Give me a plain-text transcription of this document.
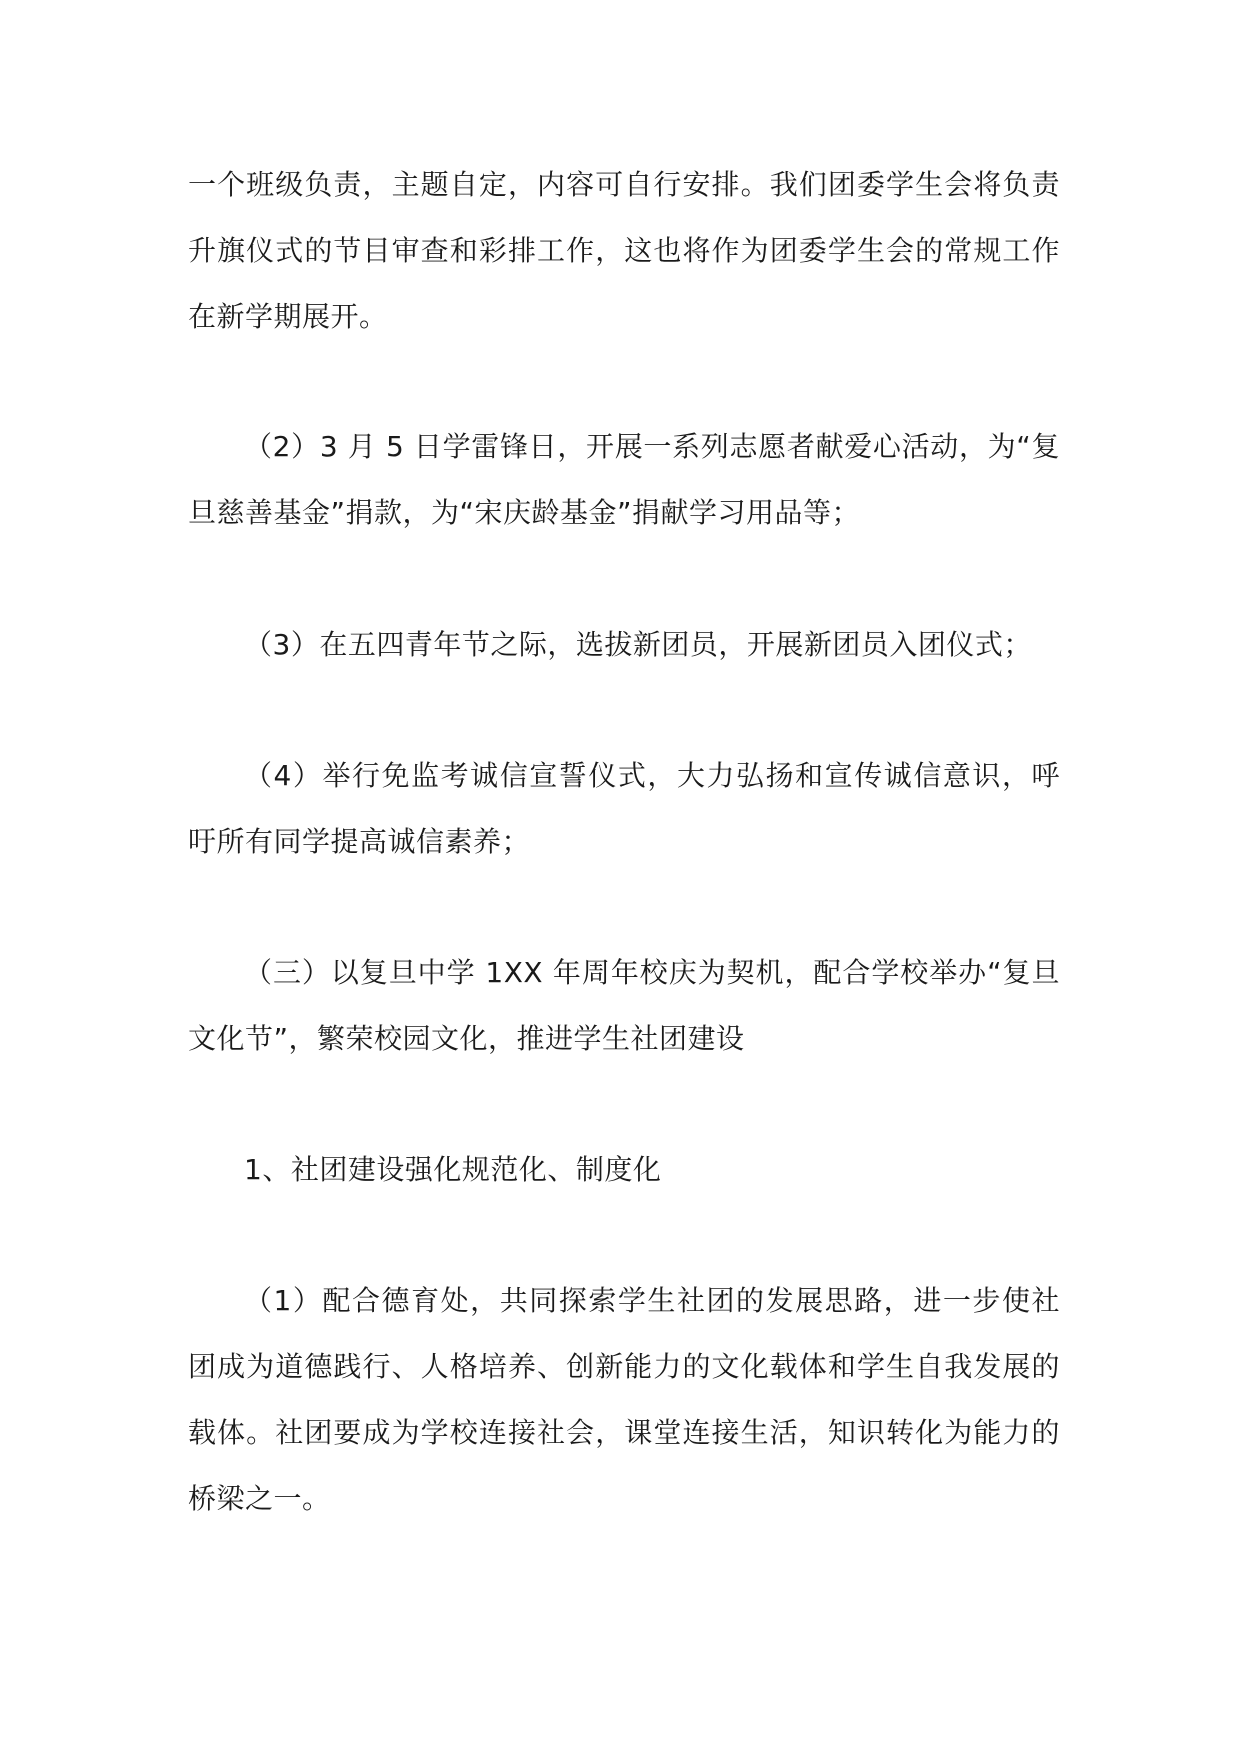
一个班级负责，主题自定，内容可自行安排。我们团委学生会将负责升旗仪式的节目审查和彩排工作，这也将作为团委学生会的常规工作在新学期展开。

（2）3 月 5 日学雷锋日，开展一系列志愿者献爱心活动，为“复旦慈善基金”捐款，为“宋庆龄基金”捐献学习用品等；

（3）在五四青年节之际，选拔新团员，开展新团员入团仪式；

（4）举行免监考诚信宣誓仪式，大力弘扬和宣传诚信意识，呼吁所有同学提高诚信素养；

（三）以复旦中学 1XX 年周年校庆为契机，配合学校举办“复旦文化节”，繁荣校园文化，推进学生社团建设

1、社团建设强化规范化、制度化

（1）配合德育处，共同探索学生社团的发展思路，进一步使社团成为道德践行、人格培养、创新能力的文化载体和学生自我发展的载体。社团要成为学校连接社会，课堂连接生活，知识转化为能力的桥梁之一。
